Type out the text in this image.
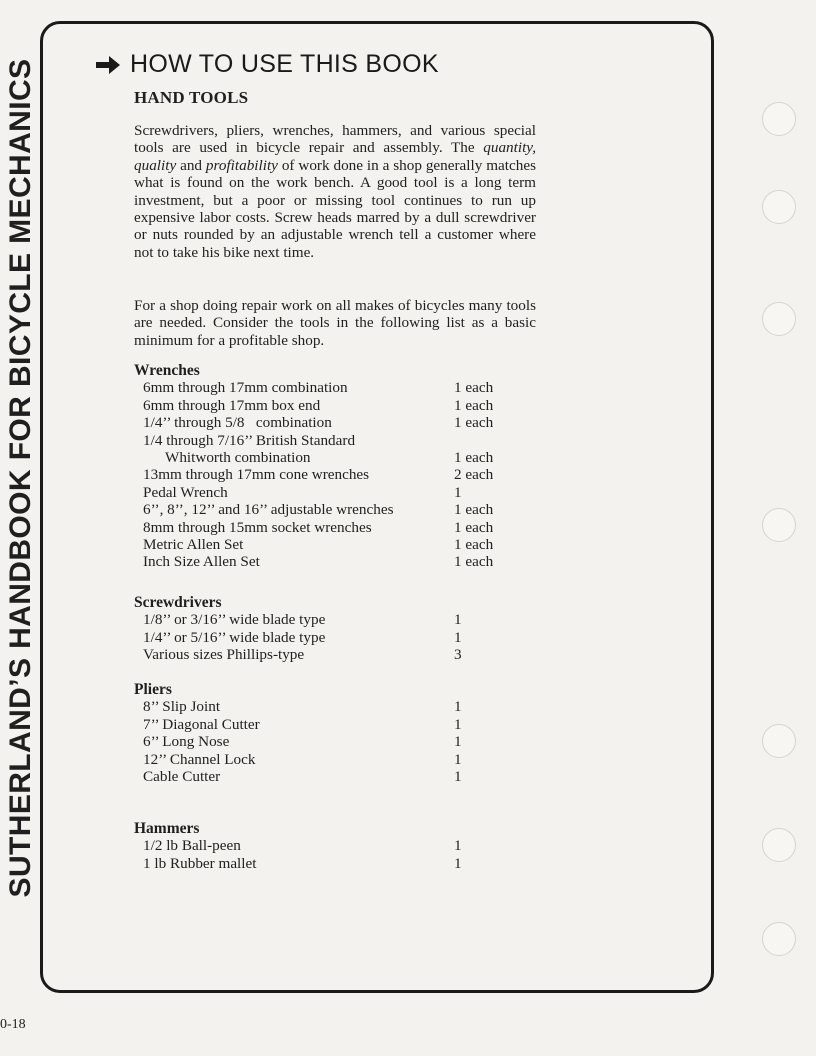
SUTHERLAND’S HANDBOOK FOR BICYCLE MECHANICS	HOW TO USE THIS BOOK
HAND TOOLS

Screwdrivers, pliers, wrenches, hammers, and various special tools are used in bicycle repair and assembly. The quantity, quality and profitability of work done in a shop generally matches what is found on the work bench. A good tool is a long term investment, but a poor or missing tool continues to run up expensive labor costs. Screw heads marred by a dull screwdriver or nuts rounded by an adjustable wrench tell a customer where not to take his bike next time.

For a shop doing repair work on all makes of bicycles many tools are needed. Consider the tools in the following list as a basic minimum for a profitable shop.

Wrenches
6mm through 17mm combination	1 each
6mm through 17mm box end	1 each
1/4’’ through 5/8   combination	1 each
1/4 through 7/16’’ British Standard
Whitworth combination	1 each
13mm through 17mm cone wrenches	2 each
Pedal Wrench	1
6’’, 8’’, 12’’ and 16’’ adjustable wrenches	1 each
8mm through 15mm socket wrenches	1 each
Metric Allen Set	1 each
Inch Size Allen Set	1 each
Screwdrivers
1/8’’ or 3/16’’ wide blade type	1
1/4’’ or 5/16’’ wide blade type	1
Various sizes Phillips-type	3
Pliers
8’’ Slip Joint	1
7’’ Diagonal Cutter	1
6’’ Long Nose	1
12’’ Channel Lock	1
Cable Cutter	1
Hammers
1/2 lb Ball-peen	1
1 lb Rubber mallet	1
0-18
